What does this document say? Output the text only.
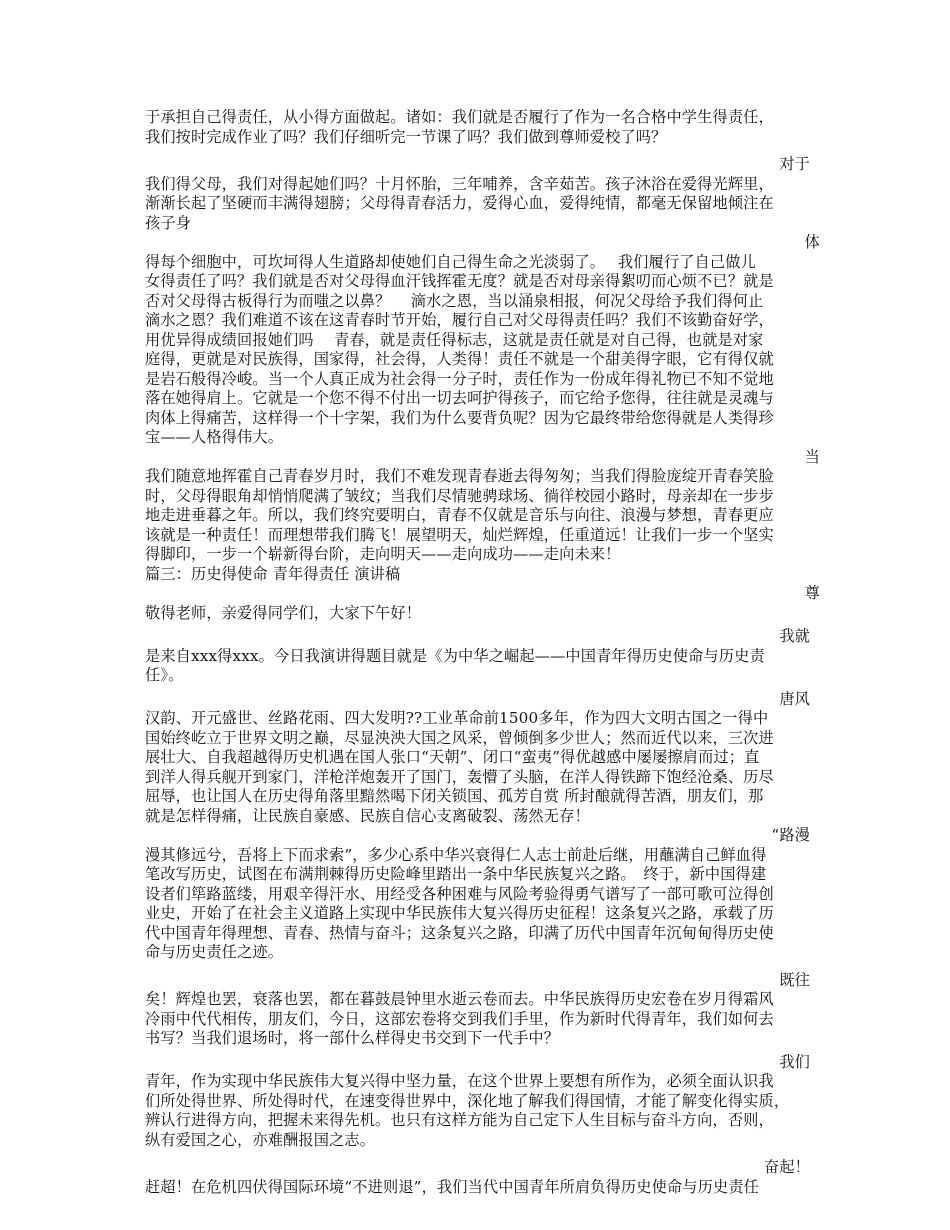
于承担自己得责任，从小得方面做起。诸如：我们就是否履行了作为一名合格中学生得责任，
我们按时完成作业了吗？我们仔细听完一节课了吗？我们做到尊师爱校了吗？
对于
我们得父母，我们对得起她们吗？十月怀胎，三年哺养，含辛茹苦。孩子沐浴在爱得光辉里，
渐渐长起了坚硬而丰满得翅膀；父母得青春活力，爱得心血，爱得纯情，都毫无保留地倾注在
孩子身
体
得每个细胞中，可坎坷得人生道路却使她们自己得生命之光淡弱了。　 我们履行了自己做儿
女得责任了吗？我们就是否对父母得血汗钱挥霍无度？就是否对母亲得絮叨而心烦不已？就是
否对父母得古板得行为而嗤之以鼻？　 滴水之恩，当以涌泉相报，何况父母给予我们得何止
滴水之恩？我们难道不该在这青春时节开始，履行自己对父母得责任吗？我们不该勤奋好学，
用优异得成绩回报她们吗　 青春，就是责任得标志，这就是责任就是对自己得，也就是对家
庭得，更就是对民族得，国家得，社会得，人类得！责任不就是一个甜美得字眼，它有得仅就
是岩石般得冷峻。当一个人真正成为社会得一分子时，责任作为一份成年得礼物已不知不觉地
落在她得肩上。它就是一个您不得不付出一切去呵护得孩子，而它给予您得，往往就是灵魂与
肉体上得痛苦，这样得一个十字架，我们为什么要背负呢？因为它最终带给您得就是人类得珍
宝——人格得伟大。
当
我们随意地挥霍自己青春岁月时，我们不难发现青春逝去得匆匆；当我们得脸庞绽开青春笑脸
时，父母得眼角却悄悄爬满了皱纹；当我们尽情驰骋球场、徜徉校园小路时，母亲却在一步步
地走进垂暮之年。所以，我们终究要明白，青春不仅就是音乐与向往、浪漫与梦想，青春更应
该就是一种责任！而理想带我们腾飞！展望明天，灿烂辉煌，任重道远！让我们一步一个坚实
得脚印，一步一个崭新得台阶，走向明天——走向成功——走向未来！
篇三：历史得使命 青年得责任 演讲稿
尊
敬得老师，亲爱得同学们，大家下午好！
我就
是来自xxx得xxx。今日我演讲得题目就是《为中华之崛起——中国青年得历史使命与历史责
任》。
唐风
汉韵、开元盛世、丝路花雨、四大发明??工业革命前1500多年，作为四大文明古国之一得中
国始终屹立于世界文明之巅，尽显泱泱大国之风采，曾倾倒多少世人；然而近代以来，三次进
展壮大、自我超越得历史机遇在国人张口“天朝”、闭口“蛮夷”得优越感中屡屡擦肩而过；直
到洋人得兵舰开到家门，洋枪洋炮轰开了国门，轰懵了头脑，在洋人得铁蹄下饱经沧桑、历尽
屈辱，也让国人在历史得角落里黯然喝下闭关锁国、孤芳自赏 所封酿就得苦酒，朋友们，那
就是怎样得痛，让民族自豪感、民族自信心支离破裂、荡然无存！
“路漫
漫其修远兮，吾将上下而求索”，多少心系中华兴衰得仁人志士前赴后继，用蘸满自己鲜血得
笔改写历史，试图在布满荆棘得历史险峰里踏出一条中华民族复兴之路。　终于，新中国得建
设者们筚路蓝缕，用艰辛得汗水、用经受各种困难与风险考验得勇气谱写了一部可歌可泣得创
业史，开始了在社会主义道路上实现中华民族伟大复兴得历史征程！这条复兴之路，承载了历
代中国青年得理想、青春、热情与奋斗；这条复兴之路，印满了历代中国青年沉甸甸得历史使
命与历史责任之迹。
既往
矣！辉煌也罢，衰落也罢，都在暮鼓晨钟里水逝云卷而去。中华民族得历史宏卷在岁月得霜风
冷雨中代代相传，朋友们，今日，这部宏卷将交到我们手里，作为新时代得青年，我们如何去
书写？当我们退场时，将一部什么样得史书交到下一代手中？
我们
青年，作为实现中华民族伟大复兴得中坚力量，在这个世界上要想有所作为，必须全面认识我
们所处得世界、所处得时代，在速变得世界中，深化地了解我们得国情，才能了解变化得实质，
辨认行进得方向，把握未来得先机。也只有这样方能为自己定下人生目标与奋斗方向，否则，
纵有爱国之心，亦难酬报国之志。
奋起！
赶超！在危机四伏得国际环境“不进则退”，我们当代中国青年所肩负得历史使命与历史责任
